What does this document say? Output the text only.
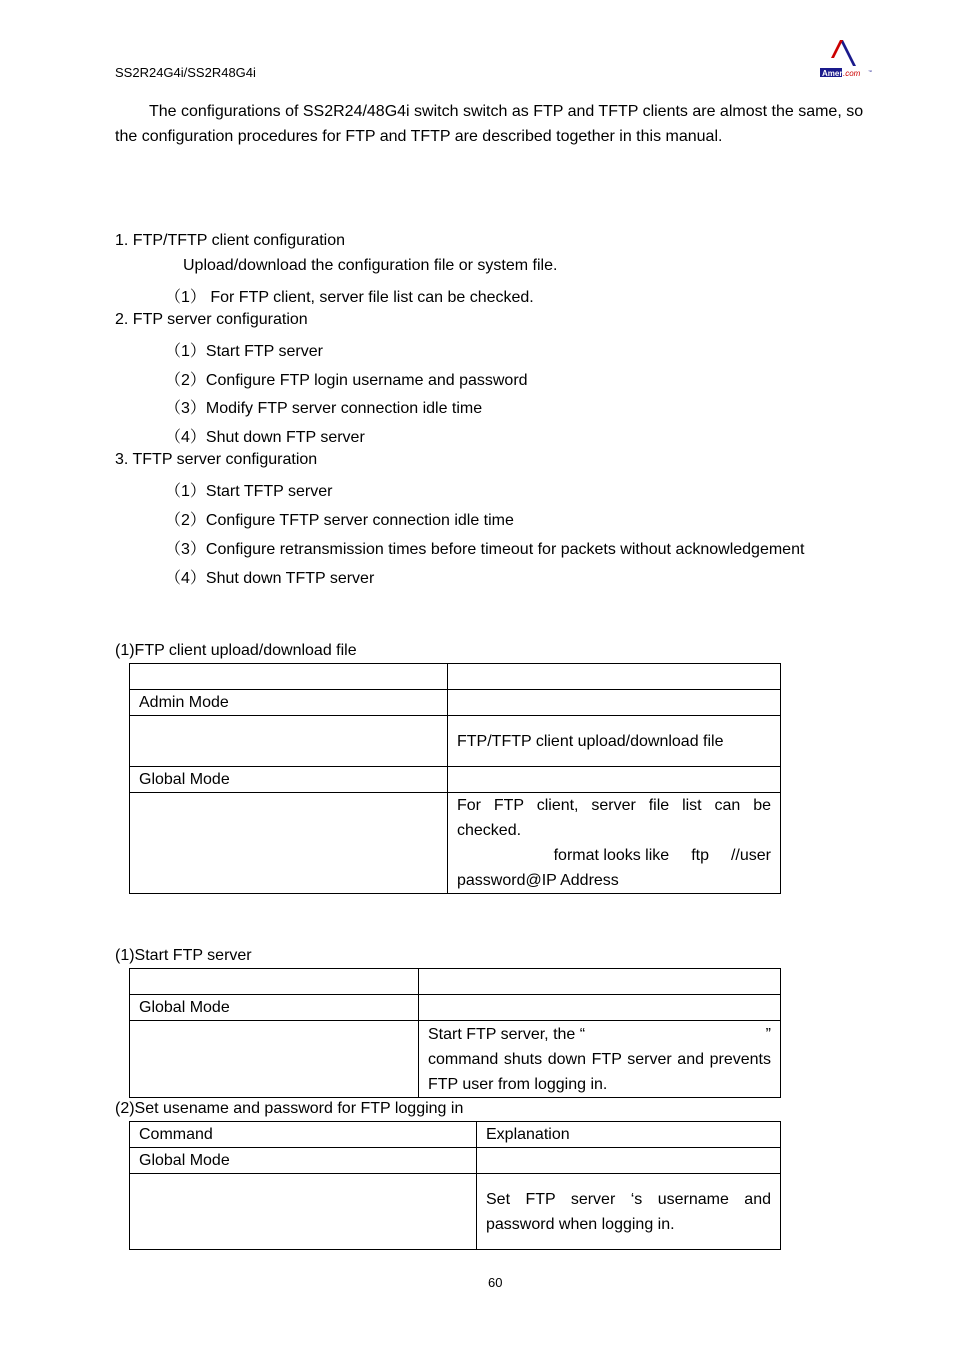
SS2R24G4i/SS2R48G4i	Amer .com ™
The configurations of SS2R24/48G4i switch switch as FTP and TFTP clients are almost the same, so the configuration procedures for FTP and TFTP are described together in this manual.
1. FTP/TFTP client configuration
Upload/download the configuration file or system file.
（1） For FTP client, server file list can be checked.
2. FTP server configuration
（1）Start FTP server
（2）Configure FTP login username and password
（3）Modify FTP server connection idle time
（4）Shut down FTP server
3. TFTP server configuration
（1）Start TFTP server
（2）Configure TFTP server connection idle time
（3）Configure retransmission times before timeout for packets without acknowledgement
（4）Shut down TFTP server
(1)FTP client upload/download file

Admin Mode	
	FTP/TFTP client upload/download file
Global Mode	

	For FTP client, server file list can be checked.
format looks like ftp //user
password@IP Address
(1)Start FTP server

Global Mode	

	Start FTP server, the “ ”
command shuts down FTP server and prevents FTP user from logging in.
(2)Set usename and password for FTP logging in
Command	Explanation
Global Mode	
	Set FTP server ‘s username and password when logging in.
60
